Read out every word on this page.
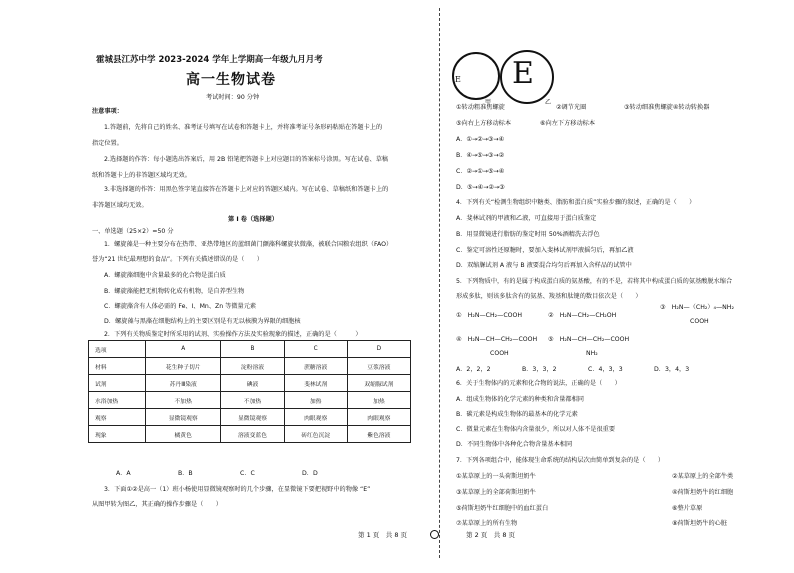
霍城县江苏中学 2023-2024 学年上学期高一年级九月月考
高一生物试卷
考试时间：90 分钟
注意事项：
1.答题前，先将自己的姓名、准考证号填写在试卷和答题卡上，并将准考证号条形码粘贴在答题卡上的
指定位置。
2.选择题的作答：每小题选出答案后，用 2B 铅笔把答题卡上对应题目的答案标号涂黑。写在试卷、草稿
纸和答题卡上的非答题区域均无效。
3.非选择题的作答：用黑色签字笔直接答在答题卡上对应的答题区域内。写在试卷、草稿纸和答题卡上的
非答题区域均无效。
第 I 卷（选择题）
一、单选题（25×2）=50 分
1．螺旋藻是一种主要分布在热带、亚热带地区的蓝细菌门颤藻科螺旋状微藻，被联合国粮农组织（FAO）
誉为“21 世纪最理想的食品”。下列有关描述错误的是（　　）
A．螺旋藻细胞中含量最多的化合物是蛋白质
B．螺旋藻能把无机物转化成有机物，是自养型生物
C．螺旋藻含有人体必需的 Fe、I、Mn、Zn 等微量元素
D．螺旋藻与黑藻在细胞结构上的主要区别是有无以核膜为界限的细胞核
2．下列有关物质鉴定时所采用的试剂、实验操作方法及实验现象的描述，正确的是（　　　）
选项	A	B	C	D
材料	花生种子切片	淀粉溶液	蔗糖溶液	豆浆溶液
试剂	苏丹Ⅲ染液	碘液	斐林试剂	双缩脲试剂
水浴加热	不加热	不加热	加热	加热
观察	显微镜观察	显微镜观察	肉眼观察	肉眼观察
现象	橘黄色	溶液变蓝色	砖红色沉淀	紫色溶液
A．A	B．B	C．C	D．D
3．下面①②是高一（1）班小杨使用显微镜观察时的几个步骤，在显微镜下要把视野中的物像 “E”
从图甲转为图乙，其正确的操作步骤是（　　）
第 1 页　共 8 页
E E
甲	乙
①转动粗准焦螺旋	②调节光圈	③转动细准焦螺旋④转动转换器
⑤向右上方移动标本	⑥向左下方移动标本
A．①→②→③→④
B．④→⑤→③→②
C．②→①→⑤→④
D．⑤→④→②→③
4．下列有关“检测生物组织中糖类、脂肪和蛋白质”实验步骤的叙述，正确的是（　　）
A．斐林试剂的甲液和乙液，可直接用于蛋白质鉴定
B．用显微镜进行脂肪的鉴定时用 50%酒精洗去浮色
C．鉴定可溶性还原糖时，要加入斐林试剂甲液摇匀后，再加乙液
D．双缩脲试剂 A 液与 B 液要混合均匀后再加入含样品的试管中
5．下列物质中，有的是属于构成蛋白质的氨基酸，有的不是，若将其中构成蛋白质的氨基酸脱水缩合
形成多肽，则该多肽含有的氨基、羧基和肽键的数目依次是（　　）
①　H₂N—CH₂—COOH	②　H₂N—CH₂—CH₂OH
③　H₂N—（CH₂）₄—NH₂
COOH
④　H₂N—CH—CH₂—COOH ⑤　H₂N—CH—CH₂—COOH
COOH	NH₂
A．2，2，2	B．3，3，2	C．4，3，3	D．3，4，3
6．关于生物体内的元素和化合物的说法，正确的是（　　）
A．组成生物体的化学元素的种类和含量都相同
B．碳元素是构成生物体的最基本的化学元素
C．微量元素在生物体内含量很少，所以对人体不是很重要
D．不同生物体中各种化合物含量基本相同
7．下列各项组合中，能体现生命系统的结构层次由简单到复杂的是（　　）
①某草原上的一头荷斯坦奶牛	②某草原上的全部牛类
③某草原上的全部荷斯坦奶牛	④荷斯坦奶牛的红细胞
⑤荷斯坦奶牛红细胞中的血红蛋白	⑥整片草原
⑦某草原上的所有生物	⑧荷斯坦奶牛的心脏
第 2 页　共 8 页
